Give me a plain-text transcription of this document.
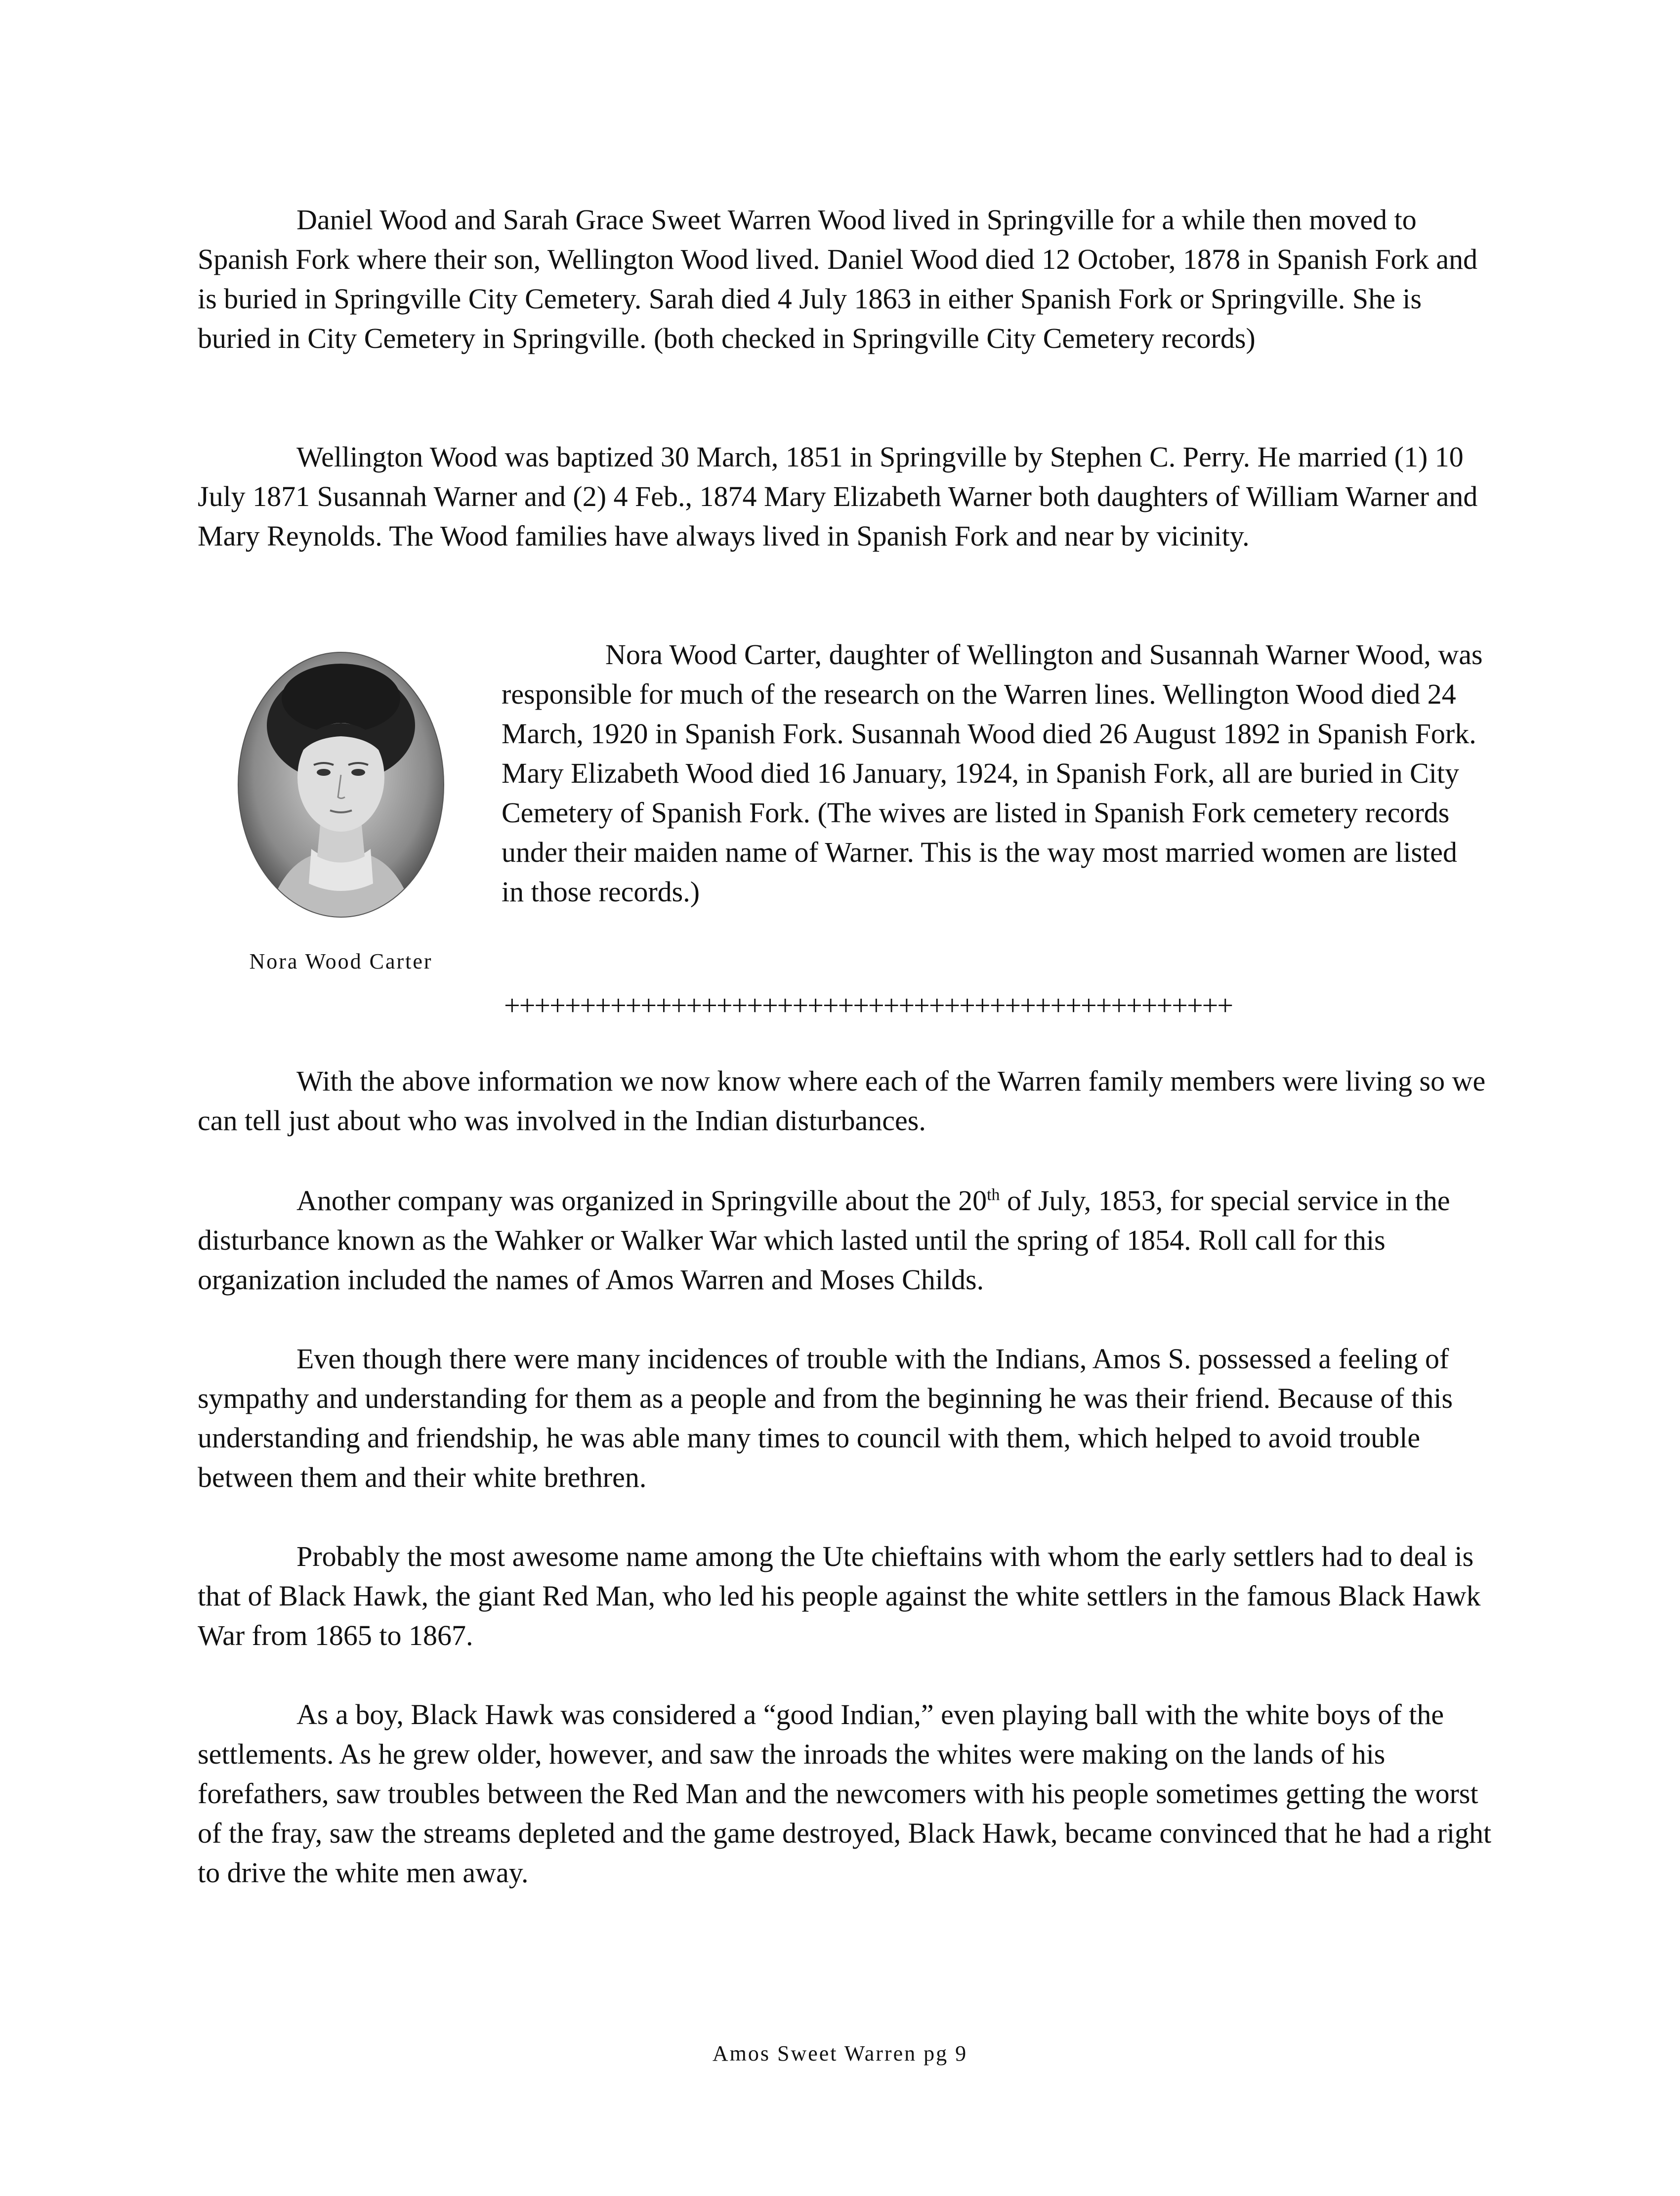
Daniel Wood and Sarah Grace Sweet Warren Wood lived in Springville for a while then moved to Spanish Fork where their son, Wellington Wood lived. Daniel Wood died 12 October, 1878 in Spanish Fork and is buried in Springville City Cemetery. Sarah died 4 July 1863 in either Spanish Fork or Springville. She is buried in City Cemetery in Springville. (both checked in Springville City Cemetery records)

Wellington Wood was baptized 30 March, 1851 in Springville by Stephen C. Perry. He married (1) 10 July 1871 Susannah Warner and (2) 4 Feb., 1874 Mary Elizabeth Warner both daughters of William Warner and Mary Reynolds. The Wood families have always lived in Spanish Fork and near by vicinity.

Nora Wood Carter

Nora Wood Carter, daughter of Wellington and Susannah Warner Wood, was responsible for much of the research on the Warren lines. Wellington Wood died 24 March, 1920 in Spanish Fork. Susannah Wood died 26 August 1892 in Spanish Fork. Mary Elizabeth Wood died 16 January, 1924, in Spanish Fork, all are buried in City Cemetery of Spanish Fork. (The wives are listed in Spanish Fork cemetery records under their maiden name of Warner. This is the way most married women are listed in those records.)

++++++++++++++++++++++++++++++++++++++++++++++++

With the above information we now know where each of the Warren family members were living so we can tell just about who was involved in the Indian disturbances.

Another company was organized in Springville about the 20th of July, 1853, for special service in the disturbance known as the Wahker or Walker War which lasted until the spring of 1854. Roll call for this organization included the names of Amos Warren and Moses Childs.

Even though there were many incidences of trouble with the Indians, Amos S. possessed a feeling of sympathy and understanding for them as a people and from the beginning he was their friend. Because of this understanding and friendship, he was able many times to council with them, which helped to avoid trouble between them and their white brethren.

Probably the most awesome name among the Ute chieftains with whom the early settlers had to deal is that of Black Hawk, the giant Red Man, who led his people against the white settlers in the famous Black Hawk War from 1865 to 1867.

As a boy, Black Hawk was considered a “good Indian,” even playing ball with the white boys of the settlements. As he grew older, however, and saw the inroads the whites were making on the lands of his forefathers, saw troubles between the Red Man and the newcomers with his people sometimes getting the worst of the fray, saw the streams depleted and the game destroyed, Black Hawk, became convinced that he had a right to drive the white men away.

Amos Sweet Warren pg 9
